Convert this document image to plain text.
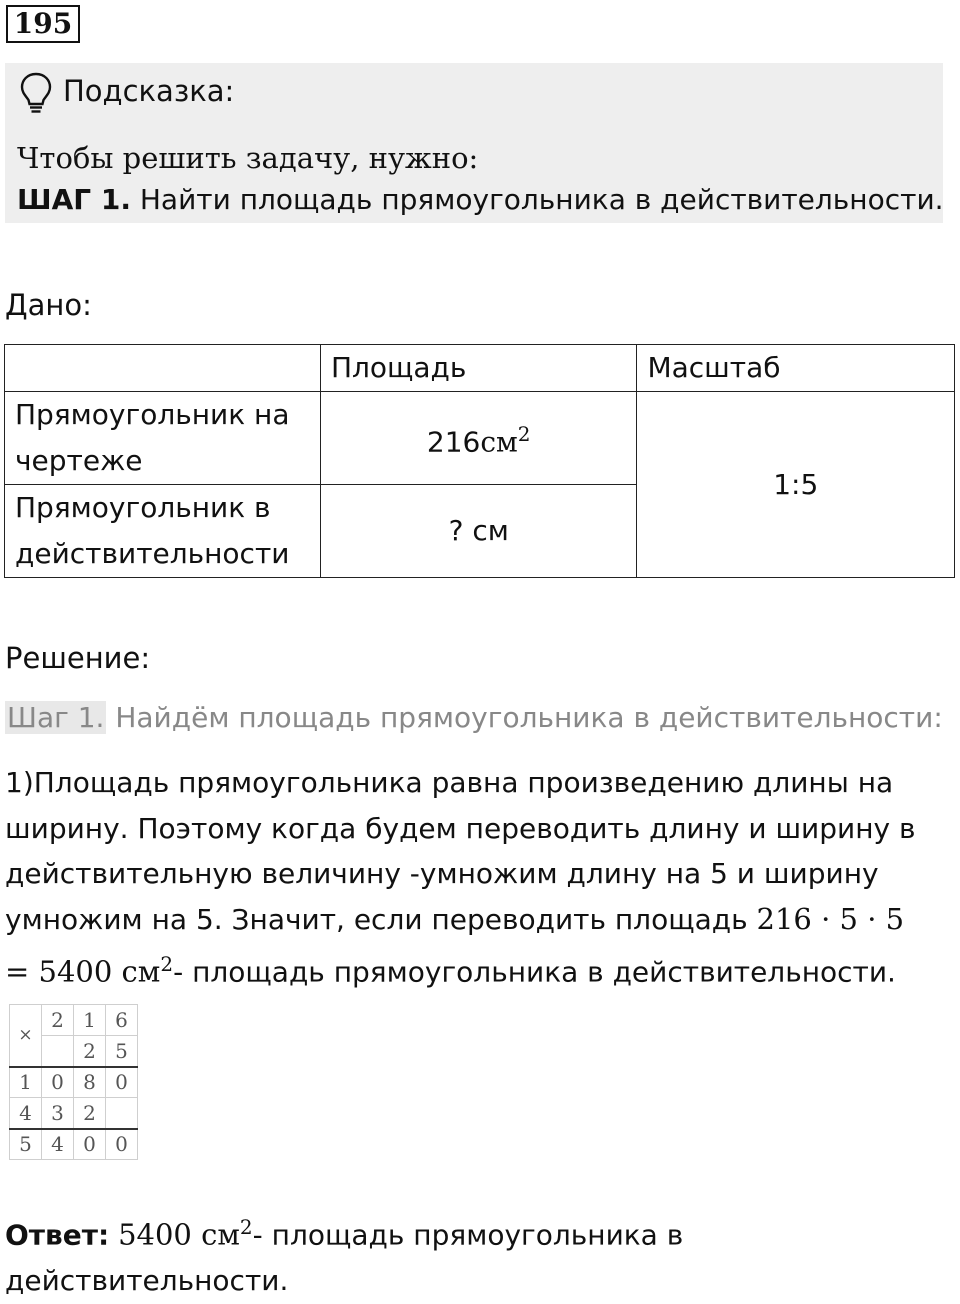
195
Подсказка:
Чтобы решить задачу, нужно:
ШАГ 1. Найти площадь прямоугольника в действительности.
Дано:
	Площадь	Масштаб
Прямоугольник на чертеже	$216см^2$	1:5
Прямоугольник в действительности	? см	
Решение:
Шаг 1. Найдём площадь прямоугольника в действительности:
1)Площадь прямоугольника равна произведению длины на ширину. Поэтому когда будем переводить длину и ширину в действительную величину -умножим длину на 5 и ширину умножим на 5. Значит, если переводить площадь 216 · 5 · 5 = 5400 $см^2-$ площадь прямоугольника в действительности.
×	2	1	6
		2	5
1	0	8	0
4	3	2	
5	4	0	0
Ответ: 5400 $см^2-$ площадь прямоугольника в действительности.
